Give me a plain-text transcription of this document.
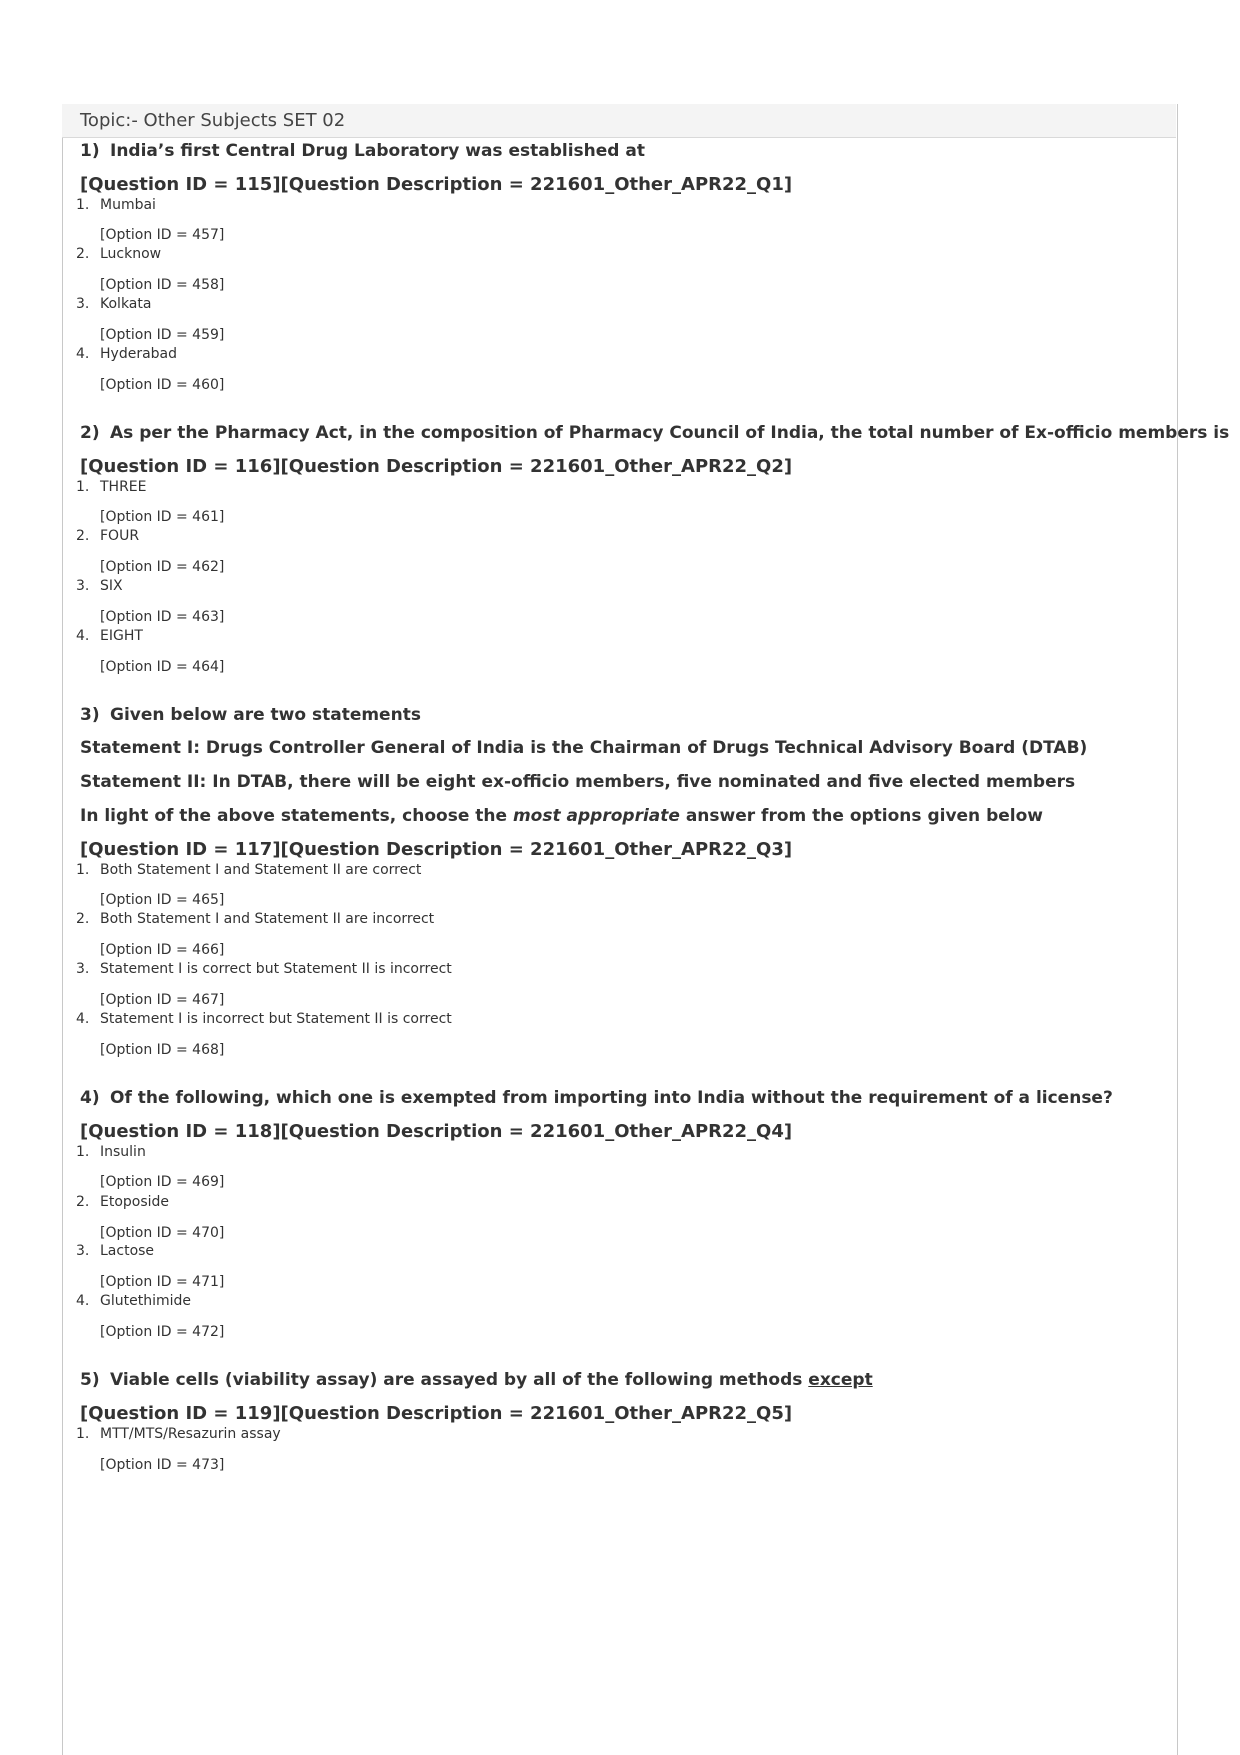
Topic:- Other Subjects SET 02
1) India’s first Central Drug Laboratory was established at
[Question ID = 115][Question Description = 221601_Other_APR22_Q1]
1. Mumbai
[Option ID = 457]
2. Lucknow
[Option ID = 458]
3. Kolkata
[Option ID = 459]
4. Hyderabad
[Option ID = 460]
2) As per the Pharmacy Act, in the composition of Pharmacy Council of India, the total number of Ex-officio members is
[Question ID = 116][Question Description = 221601_Other_APR22_Q2]
1. THREE
[Option ID = 461]
2. FOUR
[Option ID = 462]
3. SIX
[Option ID = 463]
4. EIGHT
[Option ID = 464]
3) Given below are two statements
Statement I: Drugs Controller General of India is the Chairman of Drugs Technical Advisory Board (DTAB)
Statement II: In DTAB, there will be eight ex-officio members, five nominated and five elected members
In light of the above statements, choose the most appropriate answer from the options given below
[Question ID = 117][Question Description = 221601_Other_APR22_Q3]
1. Both Statement I and Statement II are correct
[Option ID = 465]
2. Both Statement I and Statement II are incorrect
[Option ID = 466]
3. Statement I is correct but Statement II is incorrect
[Option ID = 467]
4. Statement I is incorrect but Statement II is correct
[Option ID = 468]
4) Of the following, which one is exempted from importing into India without the requirement of a license?
[Question ID = 118][Question Description = 221601_Other_APR22_Q4]
1. Insulin
[Option ID = 469]
2. Etoposide
[Option ID = 470]
3. Lactose
[Option ID = 471]
4. Glutethimide
[Option ID = 472]
5) Viable cells (viability assay) are assayed by all of the following methods except
[Question ID = 119][Question Description = 221601_Other_APR22_Q5]
1. MTT/MTS/Resazurin assay
[Option ID = 473]
